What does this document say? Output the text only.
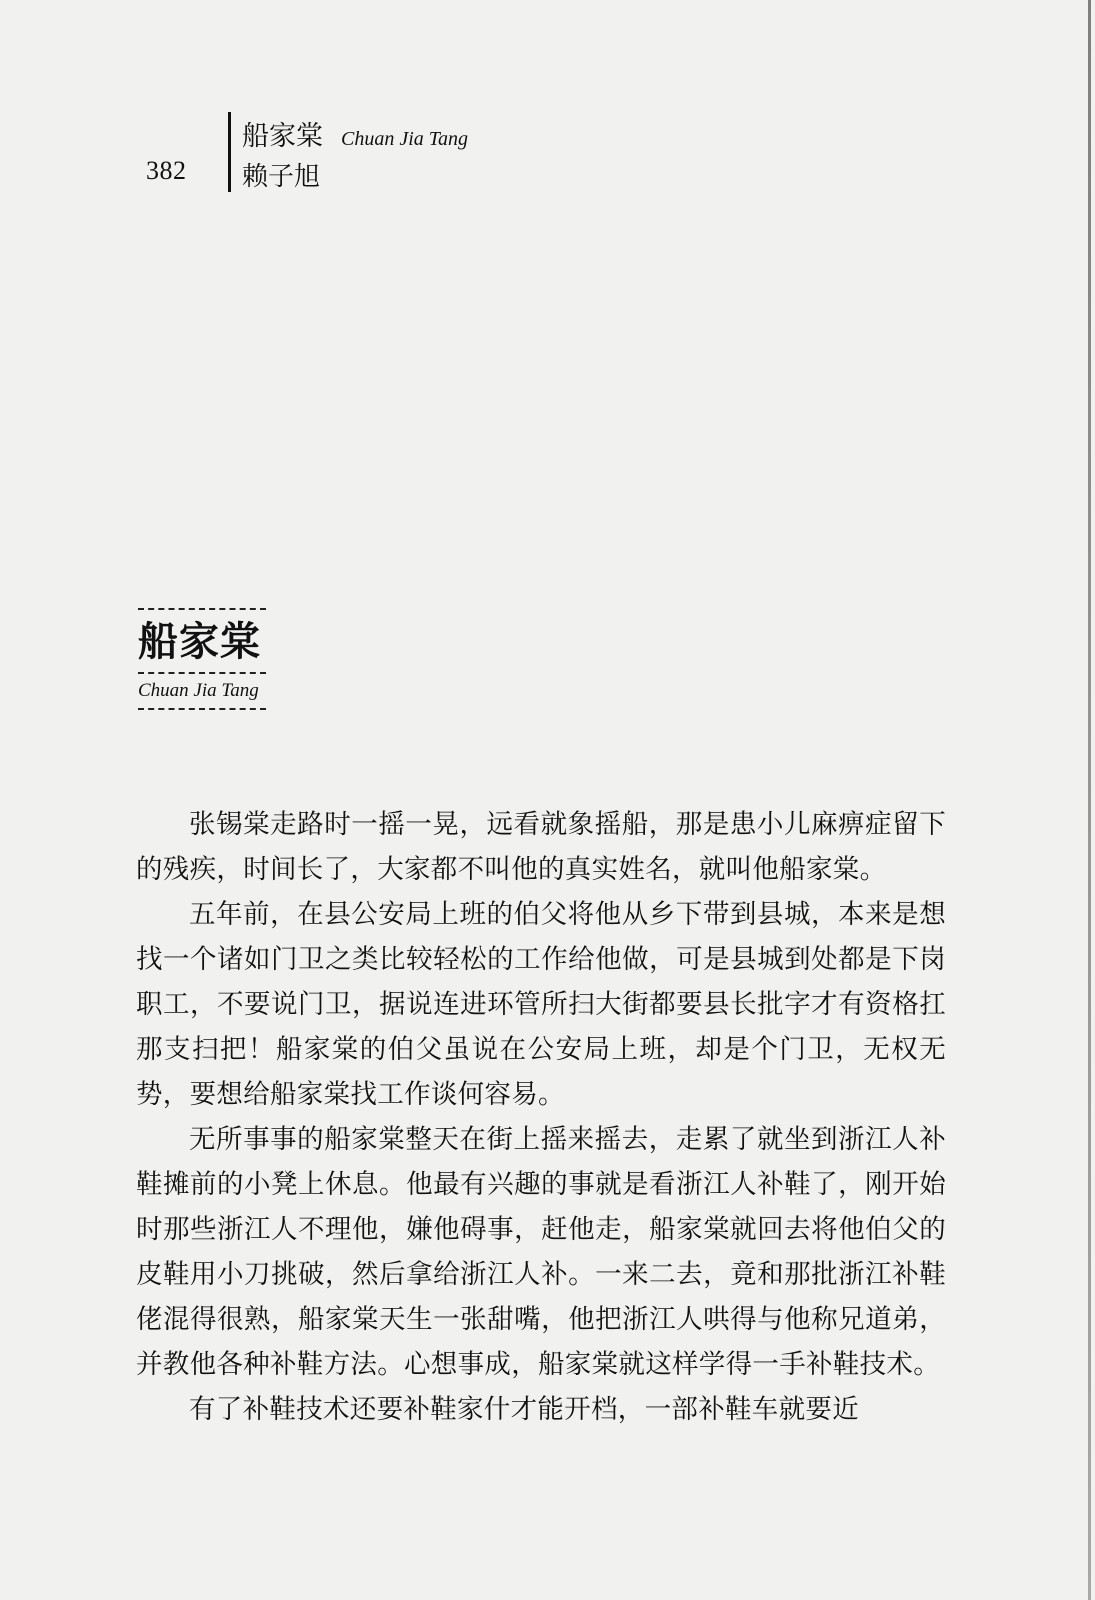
382
船家棠 Chuan Jia Tang
赖子旭
船家棠
Chuan Jia Tang

张锡棠走路时一摇一晃，远看就象摇船，那是患小儿麻痹症留下的残疾，时间长了，大家都不叫他的真实姓名，就叫他船家棠。

五年前，在县公安局上班的伯父将他从乡下带到县城，本来是想找一个诸如门卫之类比较轻松的工作给他做，可是县城到处都是下岗职工，不要说门卫，据说连进环管所扫大街都要县长批字才有资格扛那支扫把！船家棠的伯父虽说在公安局上班，却是个门卫，无权无势，要想给船家棠找工作谈何容易。

无所事事的船家棠整天在街上摇来摇去，走累了就坐到浙江人补鞋摊前的小凳上休息。他最有兴趣的事就是看浙江人补鞋了，刚开始时那些浙江人不理他，嫌他碍事，赶他走，船家棠就回去将他伯父的皮鞋用小刀挑破，然后拿给浙江人补。一来二去，竟和那批浙江补鞋佬混得很熟，船家棠天生一张甜嘴，他把浙江人哄得与他称兄道弟，并教他各种补鞋方法。心想事成，船家棠就这样学得一手补鞋技术。

有了补鞋技术还要补鞋家什才能开档，一部补鞋车就要近
